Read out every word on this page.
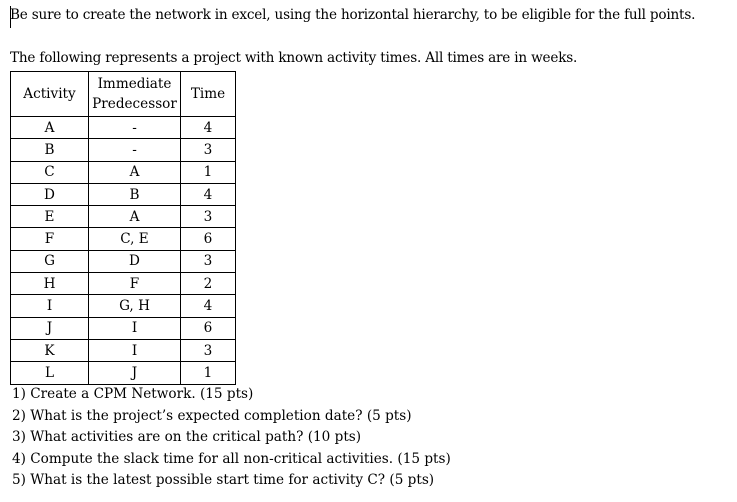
Be sure to create the network in excel, using the horizontal hierarchy, to be eligible for the full points.
The following represents a project with known activity times. All times are in weeks.
Activity	Immediate Predecessor	Time
A	-	4
B	-	3
C	A	1
D	B	4
E	A	3
F	C, E	6
G	D	3
H	F	2
I	G, H	4
J	I	6
K	I	3
L	J	1
1) Create a CPM Network. (15 pts)
2) What is the project’s expected completion date? (5 pts)
3) What activities are on the critical path? (10 pts)
4) Compute the slack time for all non-critical activities. (15 pts)
5) What is the latest possible start time for activity C? (5 pts)
